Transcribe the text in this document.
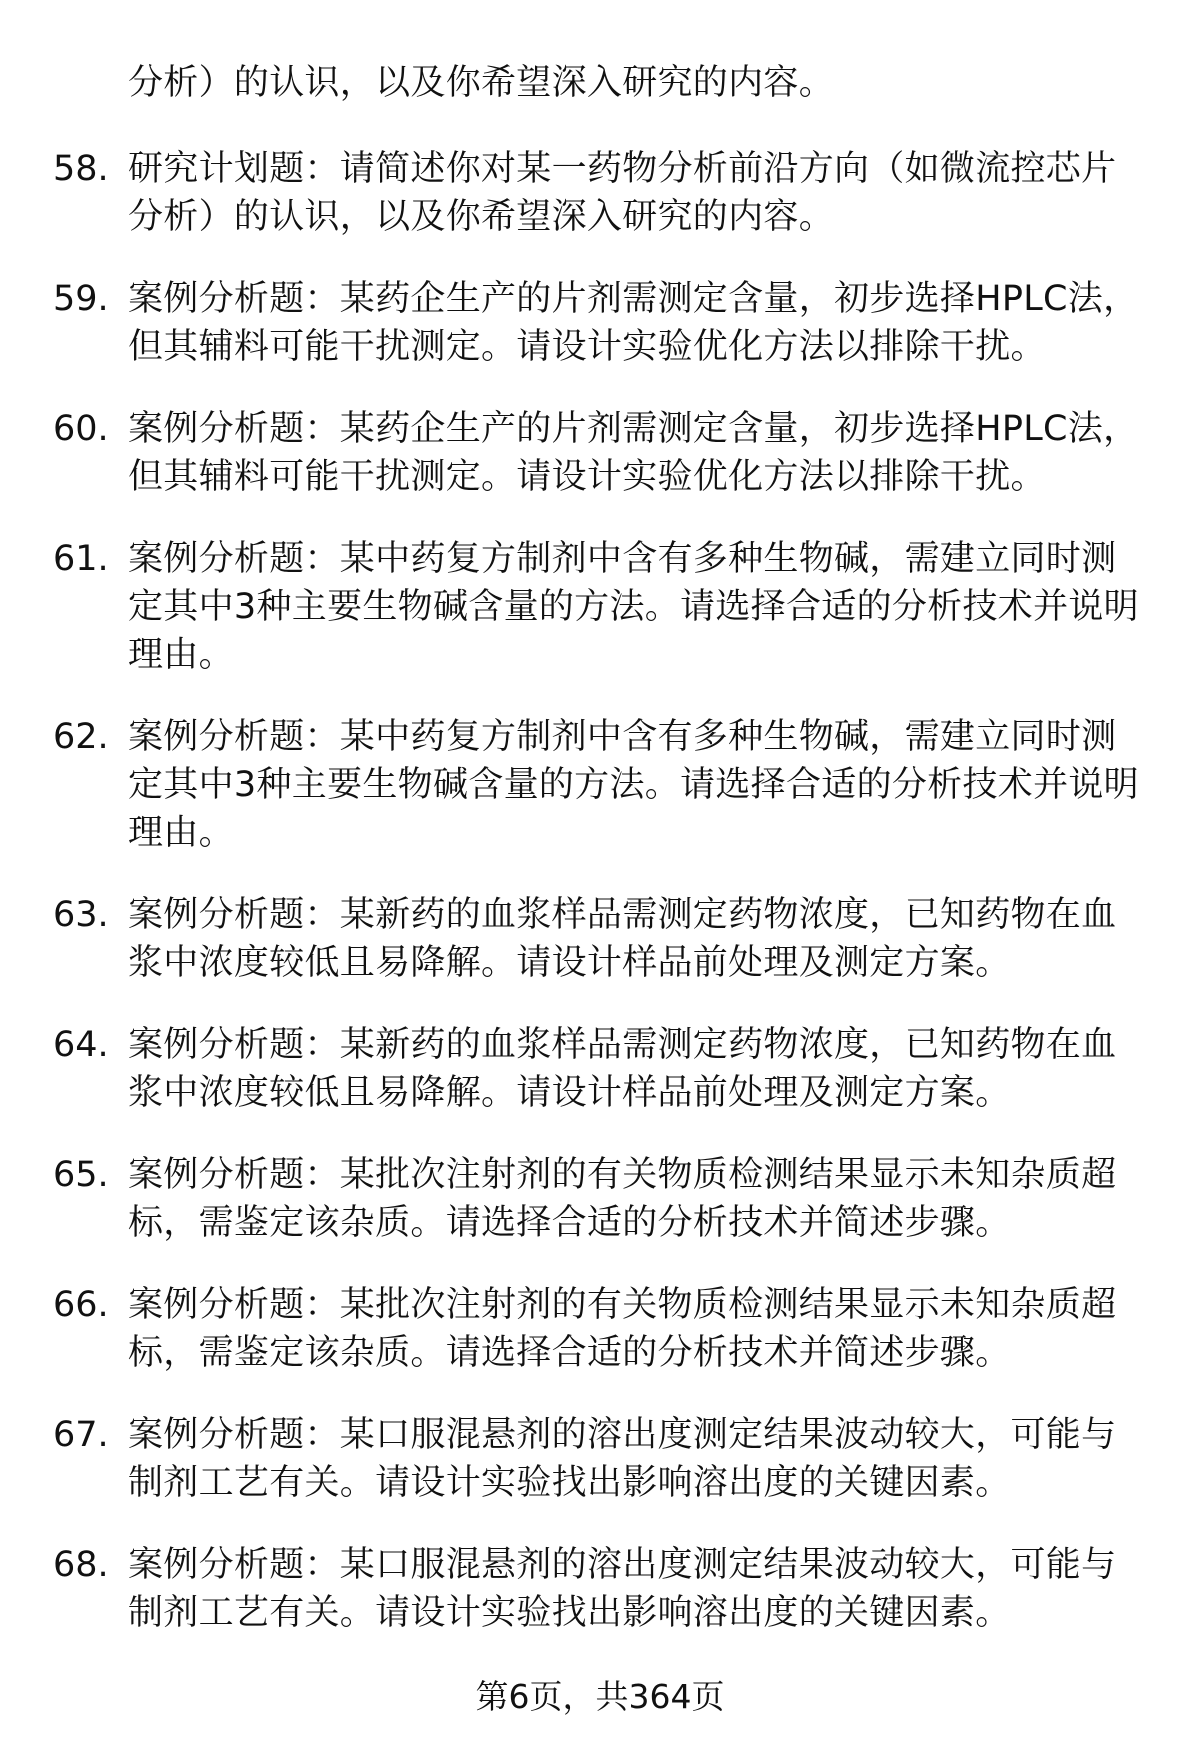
分析）的认识，以及你希望深入研究的内容。
58. 研究计划题：请简述你对某一药物分析前沿方向（如微流控芯片
分析）的认识，以及你希望深入研究的内容。
59. 案例分析题：某药企生产的片剂需测定含量，初步选择HPLC法，
但其辅料可能干扰测定。请设计实验优化方法以排除干扰。
60. 案例分析题：某药企生产的片剂需测定含量，初步选择HPLC法，
但其辅料可能干扰测定。请设计实验优化方法以排除干扰。
61. 案例分析题：某中药复方制剂中含有多种生物碱，需建立同时测
定其中3种主要生物碱含量的方法。请选择合适的分析技术并说明
理由。
62. 案例分析题：某中药复方制剂中含有多种生物碱，需建立同时测
定其中3种主要生物碱含量的方法。请选择合适的分析技术并说明
理由。
63. 案例分析题：某新药的血浆样品需测定药物浓度，已知药物在血
浆中浓度较低且易降解。请设计样品前处理及测定方案。
64. 案例分析题：某新药的血浆样品需测定药物浓度，已知药物在血
浆中浓度较低且易降解。请设计样品前处理及测定方案。
65. 案例分析题：某批次注射剂的有关物质检测结果显示未知杂质超
标，需鉴定该杂质。请选择合适的分析技术并简述步骤。
66. 案例分析题：某批次注射剂的有关物质检测结果显示未知杂质超
标，需鉴定该杂质。请选择合适的分析技术并简述步骤。
67. 案例分析题：某口服混悬剂的溶出度测定结果波动较大，可能与
制剂工艺有关。请设计实验找出影响溶出度的关键因素。
68. 案例分析题：某口服混悬剂的溶出度测定结果波动较大，可能与
制剂工艺有关。请设计实验找出影响溶出度的关键因素。
第6页，共364页
